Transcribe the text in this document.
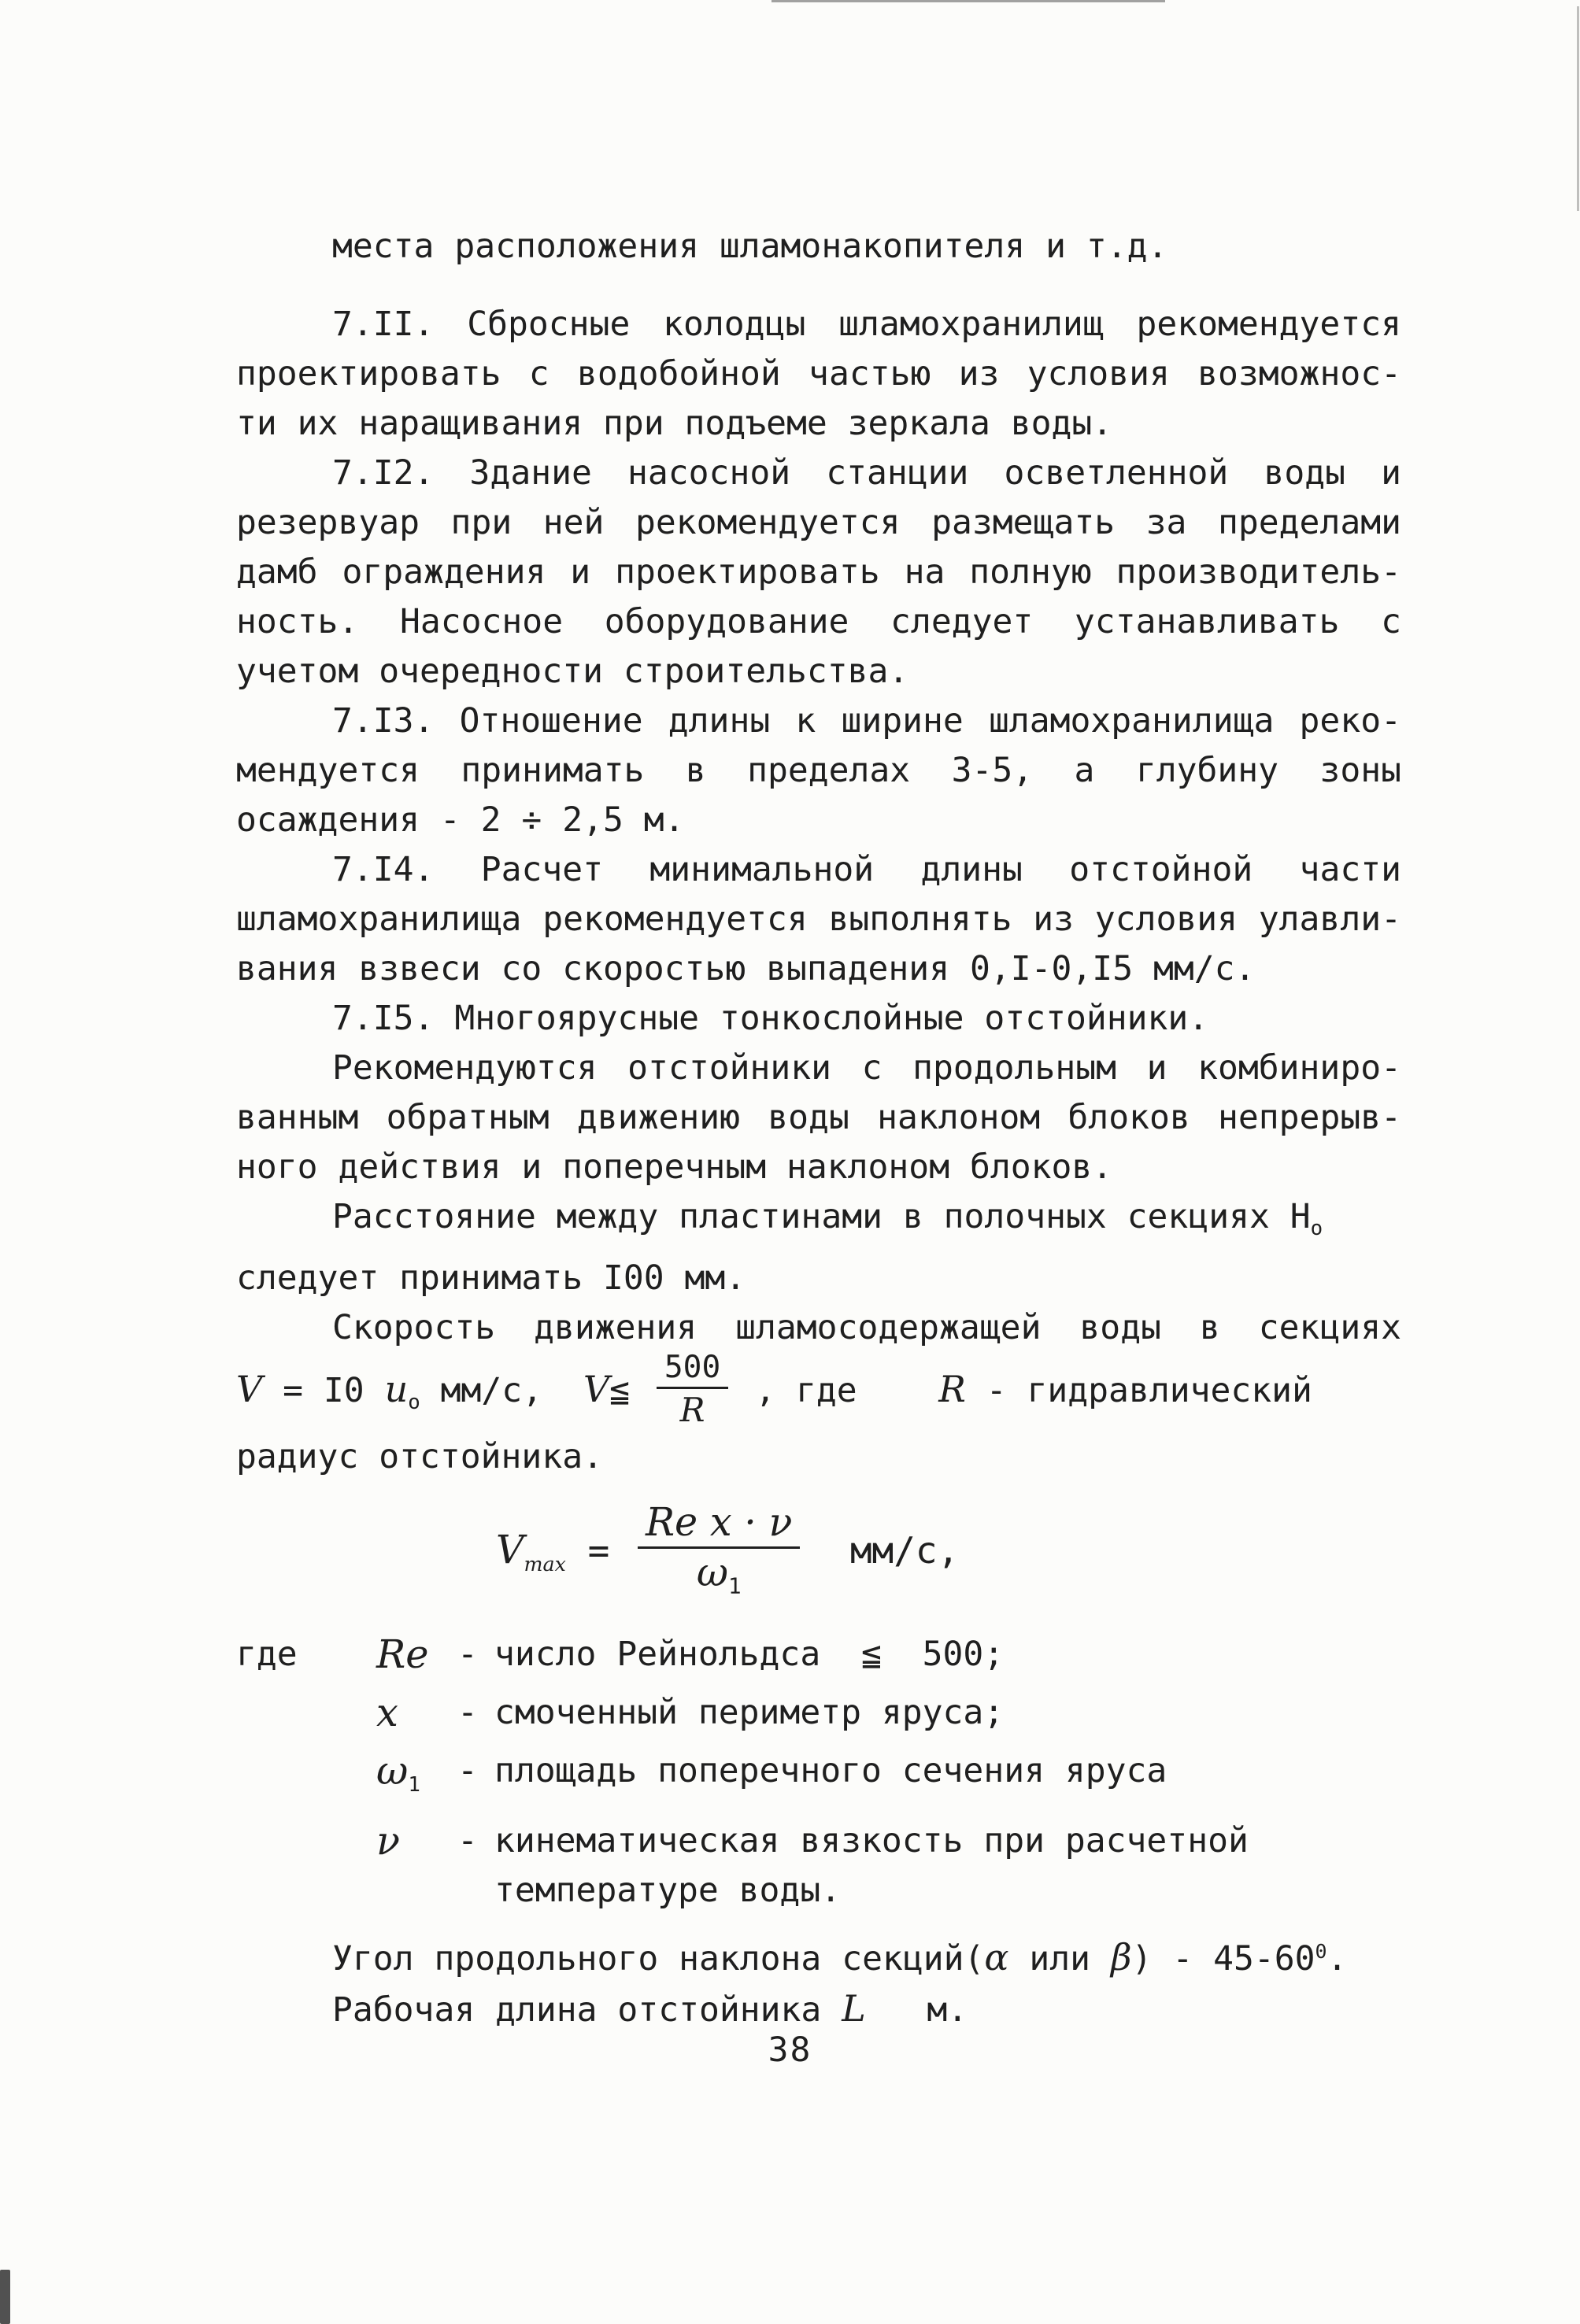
места расположения шламонакопителя и т.д.
7.II. Сбросные колодцы шламохранилищ рекомендуется
проектировать с водобойной частью из условия возможнос-
ти их наращивания при подъеме зеркала воды.
7.I2. Здание насосной станции осветленной воды и
резервуар при ней рекомендуется размещать за пределами
дамб ограждения и проектировать на полную производитель-
ность. Насосное оборудование следует устанавливать с
учетом очередности строительства.
7.I3. Отношение длины к ширине шламохранилища реко-
мендуется принимать в пределах 3-5, а глубину зоны
осаждения - 2 ÷ 2,5 м.
7.I4. Расчет минимальной длины отстойной части
шламохранилища рекомендуется выполнять из условия улавли-
вания взвеси со скоростью выпадения 0,I-0,I5 мм/с.
7.I5. Многоярусные тонкослойные отстойники.
Рекомендуются отстойники с продольным и комбиниро-
ванным обратным движению воды наклоном блоков непрерыв-
ного действия и поперечным наклоном блоков.
Расстояние между пластинами в полочных секциях $Н_о$
следует принимать I00 мм.
Скорость движения шламосодержащей воды в секциях
V = I0 $u_о$ мм/с,  V≦ $\frac{500}{R}$ , где    R - гидравлический
радиус отстойника.
$V_{max} = \frac{\text{Re x · ν}}{\omega_1} мм/с$,
где	Re - число Рейнольдса  ≦  500;
x	- смоченный периметр яруса;
$\omega_1$	- площадь поперечного сечения яруса
ν	- кинематическая вязкость при расчетной
температуре воды.
Угол продольного наклона секций(α или $\beta) - 45-60^0$.
Рабочая длина отстойника L   м.
38
